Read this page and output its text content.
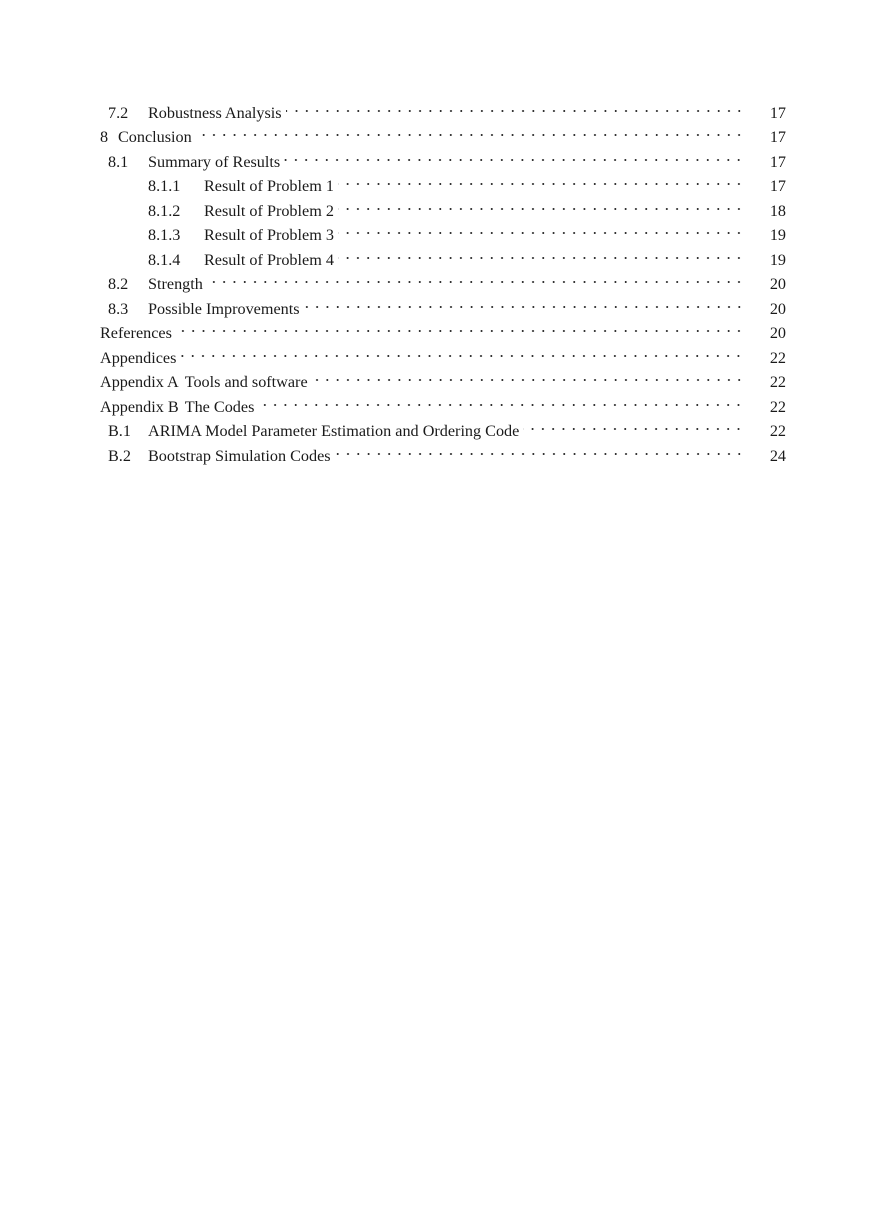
7.2	Robustness Analysis	17
8 Conclusion	17
8.1	Summary of Results	17
8.1.1	Result of Problem 1	17
8.1.2	Result of Problem 2	18
8.1.3	Result of Problem 3	19
8.1.4	Result of Problem 4	19
8.2	Strength	20
8.3	Possible Improvements	20
References	20
Appendices	22
Appendix A Tools and software	22
Appendix B The Codes	22
B.1	ARIMA Model Parameter Estimation and Ordering Code	22
B.2	Bootstrap Simulation Codes	24
